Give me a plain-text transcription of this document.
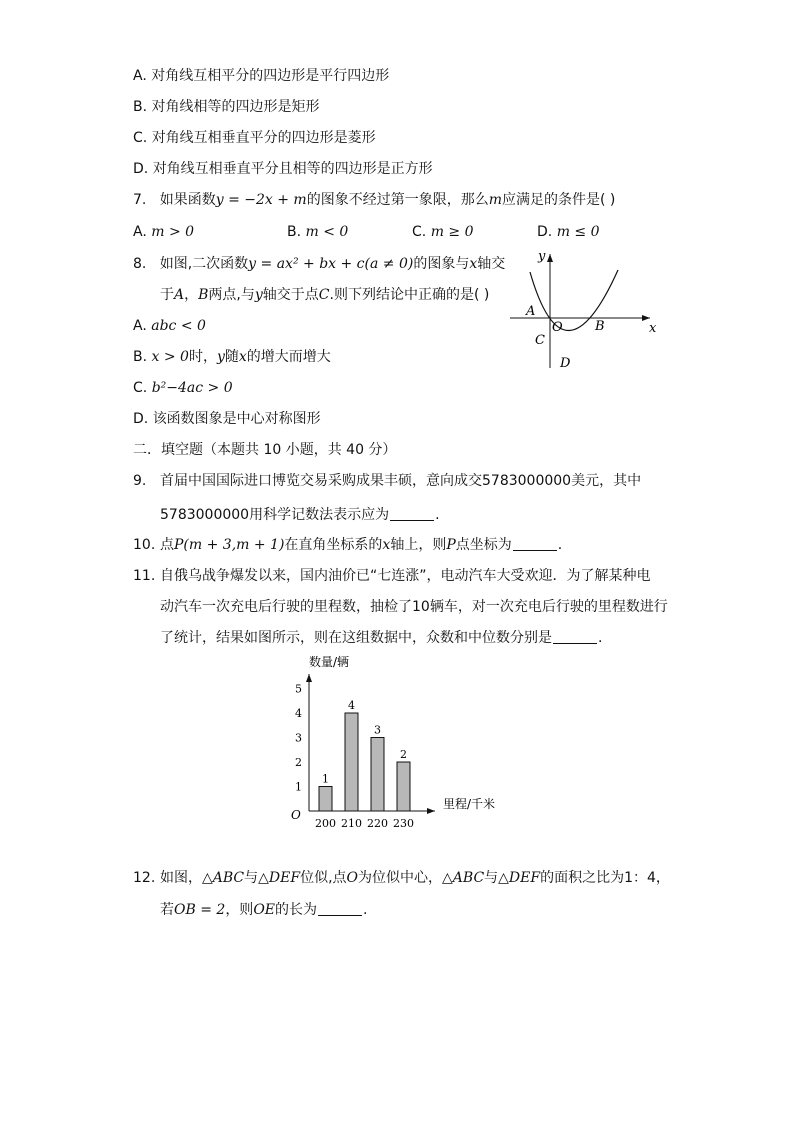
A. 对角线互相平分的四边形是平行四边形
B. 对角线相等的四边形是矩形
C. 对角线互相垂直平分的四边形是菱形
D. 对角线互相垂直平分且相等的四边形是正方形
7. 如果函数y = −2x + m的图象不经过第一象限，那么m应满足的条件是( )
A. m > 0	B. m < 0	C. m ≥ 0	D. m ≤ 0
8. 如图,二次函数y = ax² + bx + c(a ≠ 0)的图象与x轴交
于A，B两点,与y轴交于点C.则下列结论中正确的是( )
A. abc < 0
B. x > 0时，y随x的增大而增大
C. b²−4ac > 0
D. 该函数图象是中心对称图形
y
x
A
O B
C
D
二．填空题（本题共 10 小题，共 40 分）
9. 首届中国国际进口博览交易采购成果丰硕，意向成交5783000000美元，其中
5783000000用科学记数法表示应为	.
10. 点P(m + 3,m + 1)在直角坐标系的x轴上，则P点坐标为	.
11. 自俄乌战争爆发以来，国内油价已“七连涨”，电动汽车大受欢迎．为了解某种电
动汽车一次充电后行驶的里程数，抽检了10辆车，对一次充电后行驶的里程数进行
了统计，结果如图所示，则在这组数据中，众数和中位数分别是	.
数量/辆
里程/千米
O
1
2
3
4
5
1
200
4
210
3
220
2
230
12. 如图，△ABC与△DEF位似,点O为位似中心，△ABC与△DEF的面积之比为1：4，
若OB = 2，则OE的长为	.
